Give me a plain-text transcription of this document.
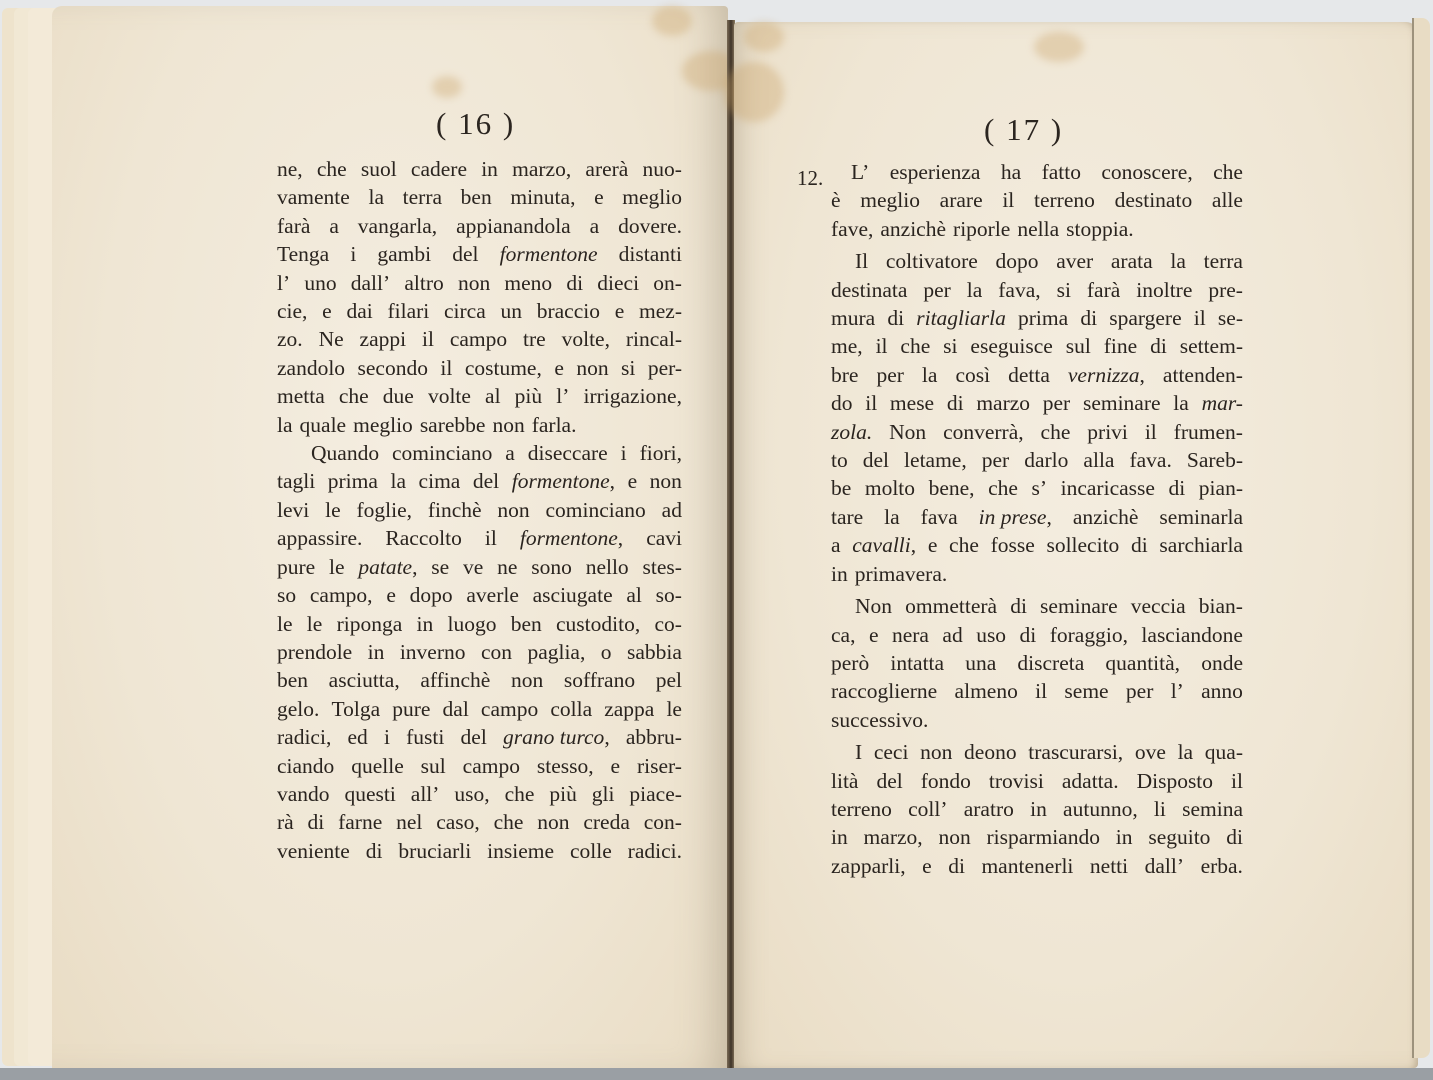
( 16 )
ne, che suol cadere in marzo, arerà nuo-
vamente la terra ben minuta, e meglio
farà a vangarla, appianandola a dovere.
Tenga i gambi del formentone distanti
l’ uno dall’ altro non meno di dieci on-
cie, e dai filari circa un braccio e mez-
zo. Ne zappi il campo tre volte, rincal-
zandolo secondo il costume, e non si per-
metta che due volte al più l’ irrigazione,
la quale meglio sarebbe non farla.
Quando cominciano a diseccare i fiori,
tagli prima la cima del formentone, e non
levi le foglie, finchè non cominciano ad
appassire. Raccolto il formentone, cavi
pure le patate, se ve ne sono nello stes-
so campo, e dopo averle asciugate al so-
le le riponga in luogo ben custodito, co-
prendole in inverno con paglia, o sabbia
ben asciutta, affinchè non soffrano pel
gelo. Tolga pure dal campo colla zappa le
radici, ed i fusti del grano turco, abbru-
ciando quelle sul campo stesso, e riser-
vando questi all’ uso, che più gli piace-
rà di farne nel caso, che non creda con-
veniente di bruciarli insieme colle radici.
( 17 )
12. L’ esperienza ha fatto conoscere, che
è meglio arare il terreno destinato alle
fave, anzichè riporle nella stoppia.
Il coltivatore dopo aver arata la terra
destinata per la fava, si farà inoltre pre-
mura di ritagliarla prima di spargere il se-
me, il che si eseguisce sul fine di settem-
bre per la così detta vernizza, attenden-
do il mese di marzo per seminare la mar-
zola. Non converrà, che privi il frumen-
to del letame, per darlo alla fava. Sareb-
be molto bene, che s’ incaricasse di pian-
tare la fava in prese, anzichè seminarla
a cavalli, e che fosse sollecito di sarchiarla
in primavera.
Non ommetterà di seminare veccia bian-
ca, e nera ad uso di foraggio, lasciandone
però intatta una discreta quantità, onde
raccoglierne almeno il seme per l’ anno
successivo.
I ceci non deono trascurarsi, ove la qua-
lità del fondo trovisi adatta. Disposto il
terreno coll’ aratro in autunno, li semina
in marzo, non risparmiando in seguito di
zapparli, e di mantenerli netti dall’ erba.
